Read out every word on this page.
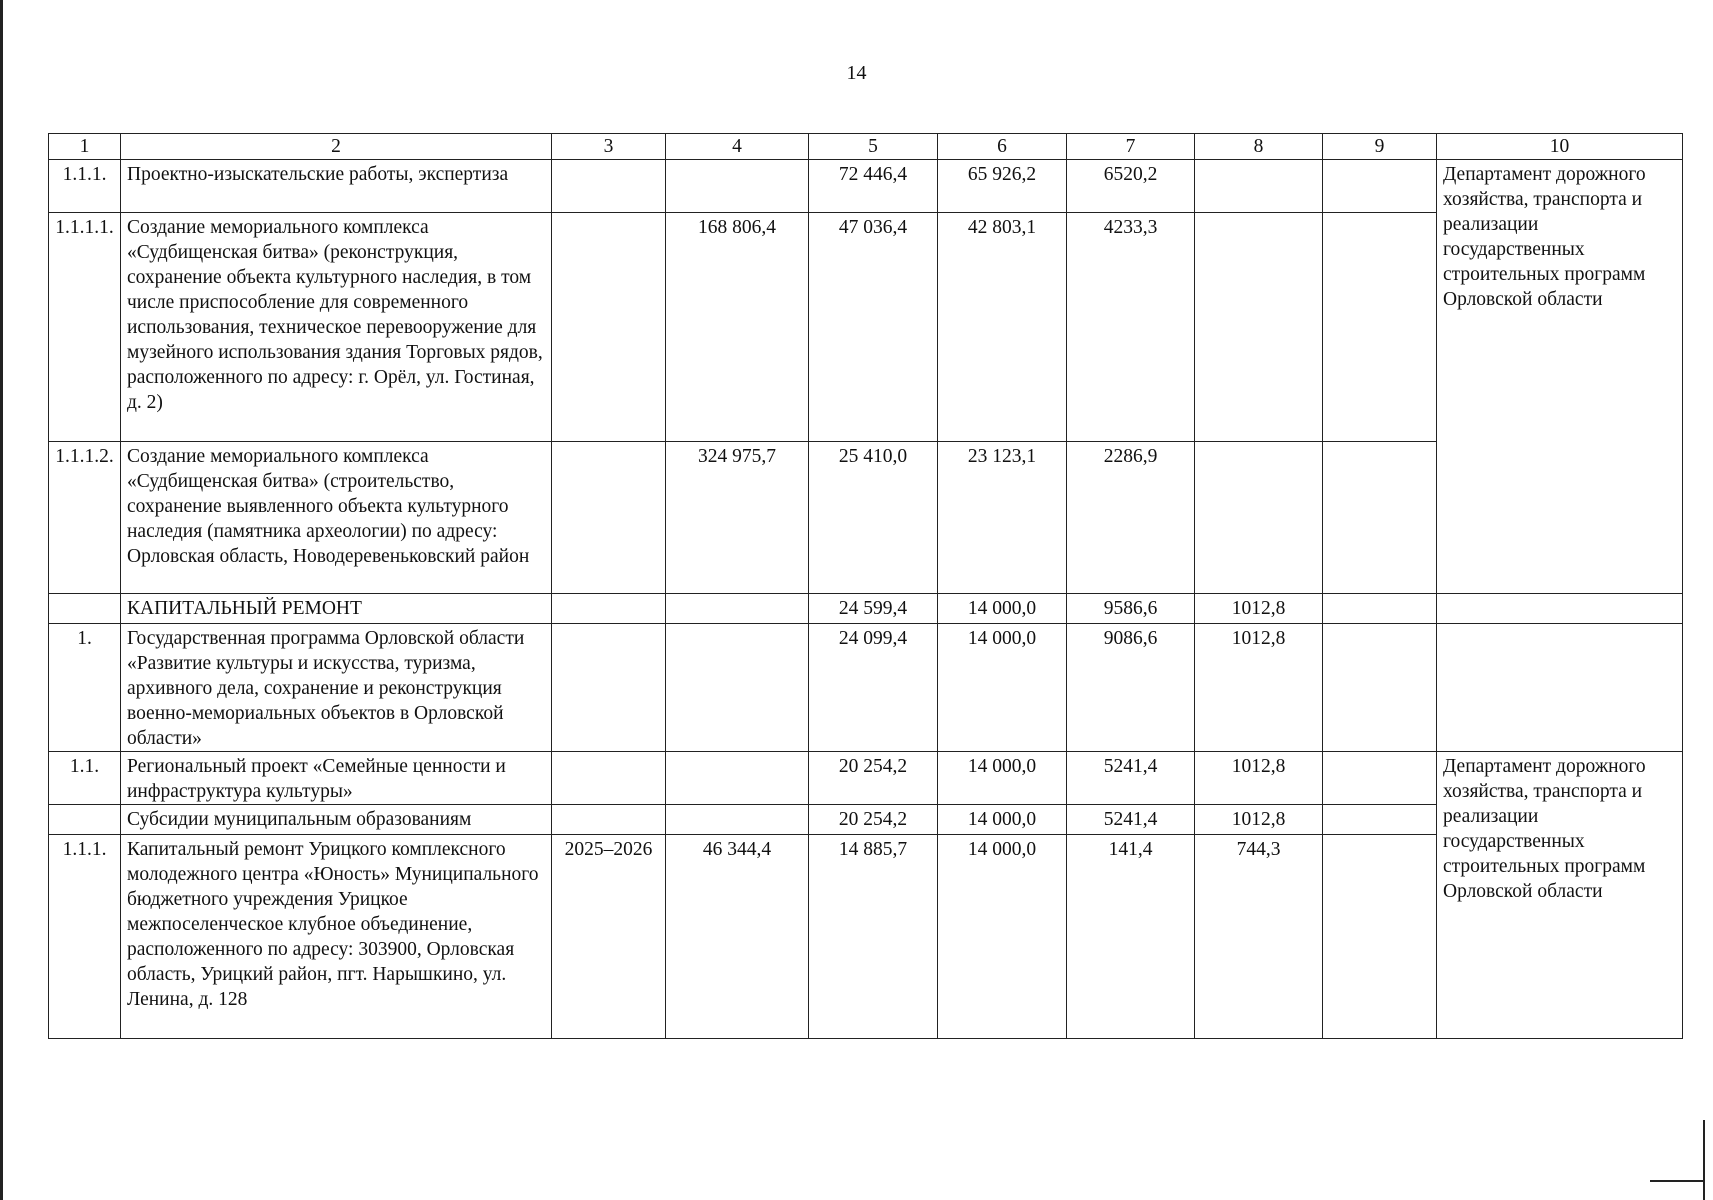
14
1	2	3	4	5	6	7	8	9	10
1.1.1.	Проектно-изыскательские работы, экспертиза			72 446,4	65 926,2	6520,2			Департамент дорожного хозяйства, транспорта и реализации государственных строительных программ Орловской области
1.1.1.1.	Создание мемориального комплекса «Судбищенская битва» (реконструкция, сохранение объекта культурного наследия, в том числе приспособление для современного использования, техническое перевооружение для музейного использования здания Торговых рядов, расположенного по адресу: г. Орёл, ул. Гостиная, д. 2)		168 806,4	47 036,4	42 803,1	4233,3			
1.1.1.2.	Создание мемориального комплекса «Судбищенская битва» (строительство, сохранение выявленного объекта культурного наследия (памятника археологии) по адресу: Орловская область, Новодеревеньковский район		324 975,7	25 410,0	23 123,1	2286,9			
	КАПИТАЛЬНЫЙ РЕМОНТ			24 599,4	14 000,0	9586,6	1012,8		
1.	Государственная программа Орловской области «Развитие культуры и искусства, туризма, архивного дела, сохранение и реконструкция военно-мемориальных объектов в Орловской области»			24 099,4	14 000,0	9086,6	1012,8		
1.1.	Региональный проект «Семейные ценности и инфраструктура культуры»			20 254,2	14 000,0	5241,4	1012,8		Департамент дорожного хозяйства, транспорта и реализации государственных строительных программ Орловской области
	Субсидии муниципальным образованиям			20 254,2	14 000,0	5241,4	1012,8		
1.1.1.	Капитальный ремонт Урицкого комплексного молодежного центра «Юность» Муниципального бюджетного учреждения Урицкое межпоселенческое клубное объединение, расположенного по адресу: 303900, Орловская область, Урицкий район, пгт. Нарышкино, ул. Ленина, д. 128	2025–2026	46 344,4	14 885,7	14 000,0	141,4	744,3		
